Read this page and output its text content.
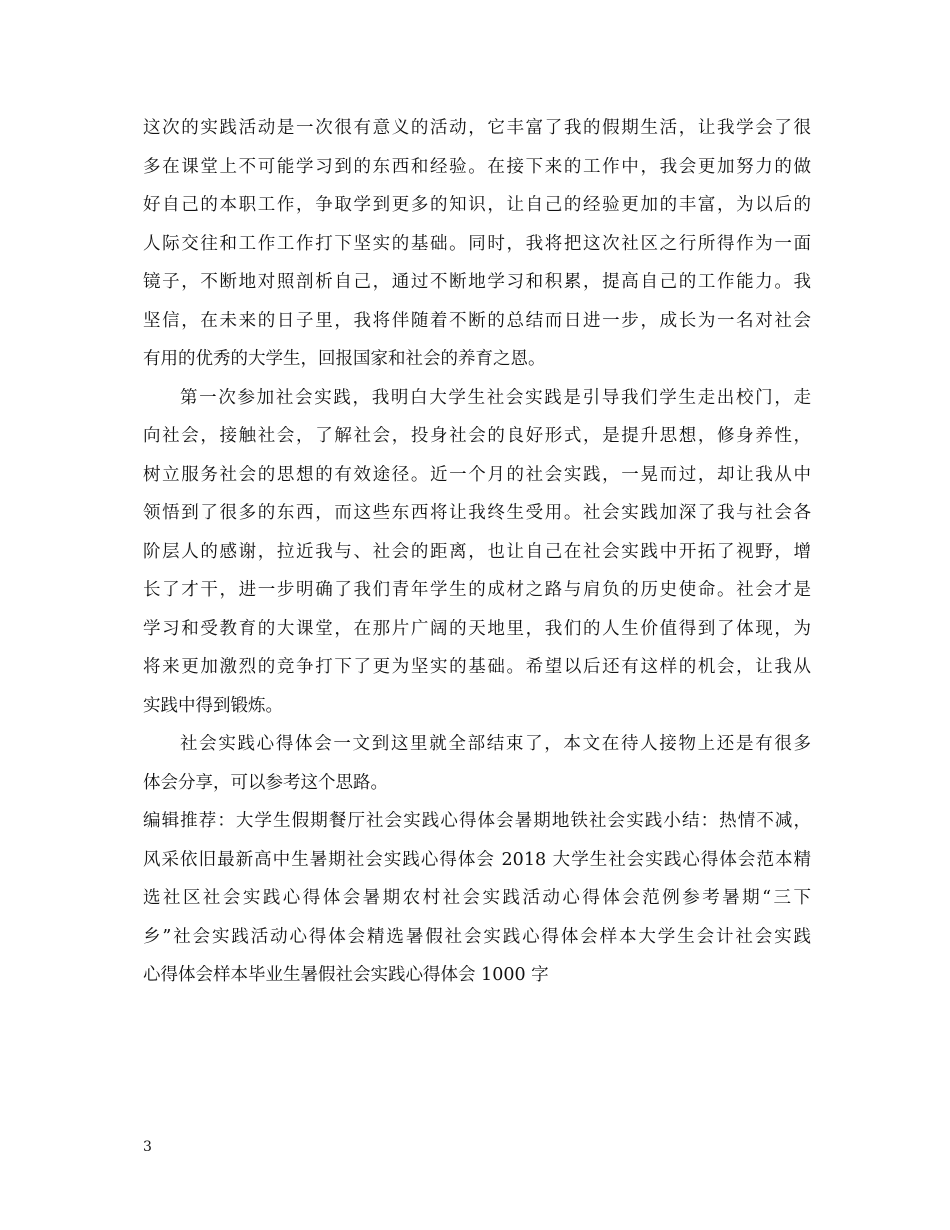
这次的实践活动是一次很有意义的活动，它丰富了我的假期生活，让我学会了很
多在课堂上不可能学习到的东西和经验。在接下来的工作中，我会更加努力的做
好自己的本职工作，争取学到更多的知识，让自己的经验更加的丰富，为以后的
人际交往和工作工作打下坚实的基础。同时，我将把这次社区之行所得作为一面
镜子，不断地对照剖析自己，通过不断地学习和积累，提高自己的工作能力。我
坚信，在未来的日子里，我将伴随着不断的总结而日进一步，成长为一名对社会
有用的优秀的大学生，回报国家和社会的养育之恩。
第一次参加社会实践，我明白大学生社会实践是引导我们学生走出校门，走
向社会，接触社会，了解社会，投身社会的良好形式，是提升思想，修身养性，
树立服务社会的思想的有效途径。近一个月的社会实践，一晃而过，却让我从中
领悟到了很多的东西，而这些东西将让我终生受用。社会实践加深了我与社会各
阶层人的感谢，拉近我与、社会的距离，也让自己在社会实践中开拓了视野，增
长了才干，进一步明确了我们青年学生的成材之路与肩负的历史使命。社会才是
学习和受教育的大课堂，在那片广阔的天地里，我们的人生价值得到了体现，为
将来更加激烈的竞争打下了更为坚实的基础。希望以后还有这样的机会，让我从
实践中得到锻炼。
社会实践心得体会一文到这里就全部结束了，本文在待人接物上还是有很多
体会分享，可以参考这个思路。
编辑推荐：大学生假期餐厅社会实践心得体会暑期地铁社会实践小结：热情不减，
风采依旧最新高中生暑期社会实践心得体会 2018 大学生社会实践心得体会范本精
选社区社会实践心得体会暑期农村社会实践活动心得体会范例参考暑期“三下
乡”社会实践活动心得体会精选暑假社会实践心得体会样本大学生会计社会实践
心得体会样本毕业生暑假社会实践心得体会 1000 字
3
